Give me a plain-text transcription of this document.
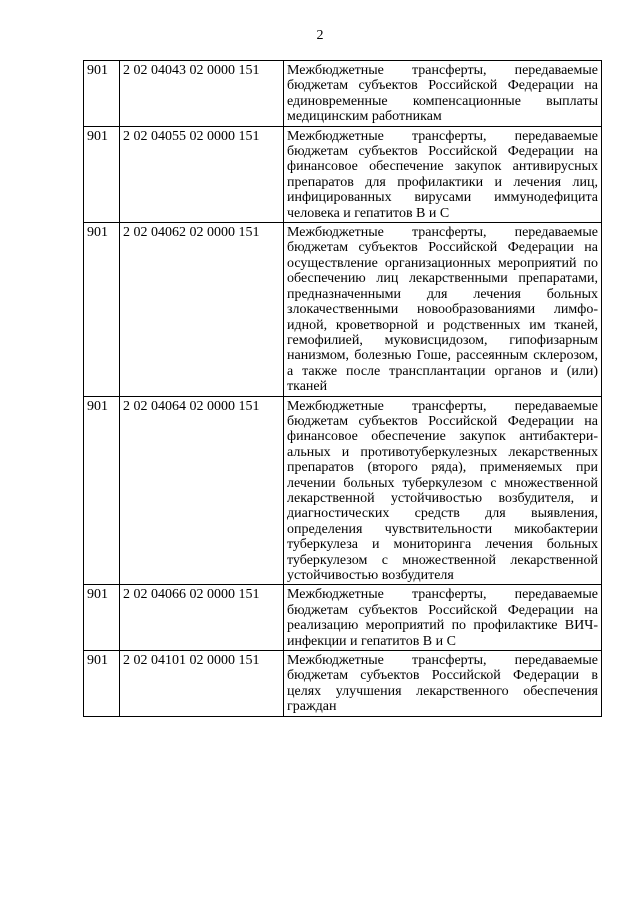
2
901	2 02 04043 02 0000 151	Межбюджетные трансферты, передаваемые бюджетам субъектов Российской Федерации на единовременные компенсационные выплаты медицинским работникам
901	2 02 04055 02 0000 151	Межбюджетные трансферты, передаваемые бюджетам субъектов Российской Федерации на финансовое обеспечение закупок антивирусных препаратов для профилактики и лечения лиц, инфицированных вирусами иммунодефицита человека и гепатитов В и С
901	2 02 04062 02 0000 151	Межбюджетные трансферты, передаваемые бюджетам субъектов Российской Федерации на осуществление организационных мероприятий по обеспечению лиц лекарственными препаратами, предназначенными для лечения больных злокачественными новообразованиями лимфоидной, кроветворной и родственных им тканей, гемофилией, муковисцидозом, гипофизарным нанизмом, болезнью Гоше, рассеянным склерозом, а также после трансплантации органов и (или) тканей
901	2 02 04064 02 0000 151	Межбюджетные трансферты, передаваемые бюджетам субъектов Российской Федерации на финансовое обеспечение закупок антибактериальных и противотуберкулезных лекарственных препаратов (второго ряда), применяемых при лечении больных туберкулезом с множественной лекарственной устойчивостью возбудителя, и диагностических средств для выявления, определения чувствительности микобактерии туберкулеза и мониторинга лечения больных туберкулезом с множественной лекарственной устойчивостью возбудителя
901	2 02 04066 02 0000 151	Межбюджетные трансферты, передаваемые бюджетам субъектов Российской Федерации на реализацию мероприятий по профилактике ВИЧ-инфекции и гепатитов В и С
901	2 02 04101 02 0000 151	Межбюджетные трансферты, передаваемые бюджетам субъектов Российской Федерации в целях улучшения лекарственного обеспечения граждан
